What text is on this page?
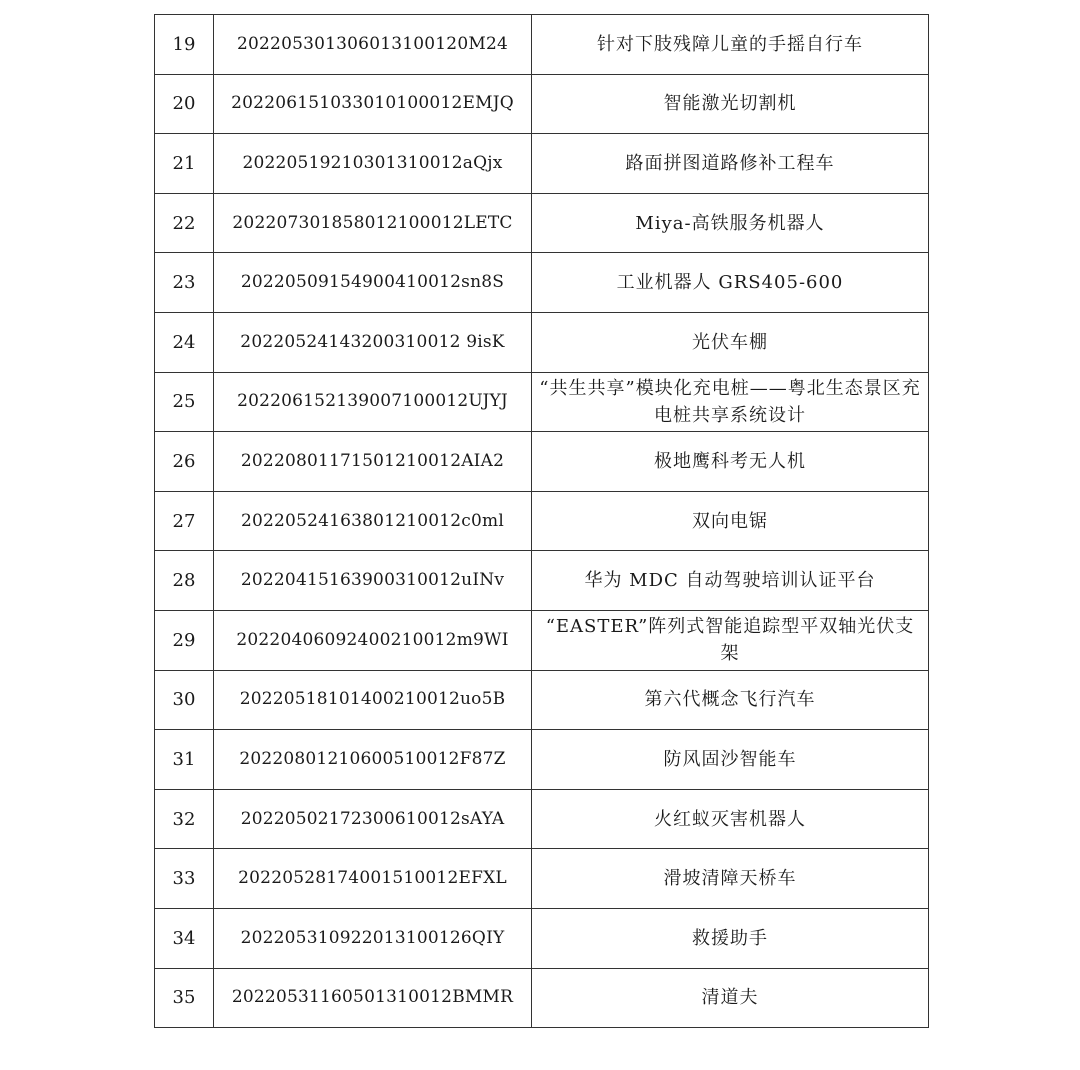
19	202205301306013100120M24	针对下肢残障儿童的手摇自行车
20	202206151033010100012EMJQ	智能激光切割机
21	20220519210301310012aQjx	路面拼图道路修补工程车
22	202207301858012100012LETC	Miya-高铁服务机器人
23	20220509154900410012sn8S	工业机器人 GRS405-600
24	20220524143200310012 9isK	光伏车棚
25	202206152139007100012UJYJ	“共生共享”模块化充电桩——粤北生态景区充电桩共享系统设计
26	20220801171501210012AIA2	极地鹰科考无人机
27	20220524163801210012c0ml	双向电锯
28	20220415163900310012uINv	华为 MDC 自动驾驶培训认证平台
29	20220406092400210012m9WI	“EASTER”阵列式智能追踪型平双轴光伏支架
30	20220518101400210012uo5B	第六代概念飞行汽车
31	20220801210600510012F87Z	防风固沙智能车
32	20220502172300610012sAYA	火红蚁灭害机器人
33	20220528174001510012EFXL	滑坡清障天桥车
34	202205310922013100126QIY	救援助手
35	20220531160501310012BMMR	清道夫
